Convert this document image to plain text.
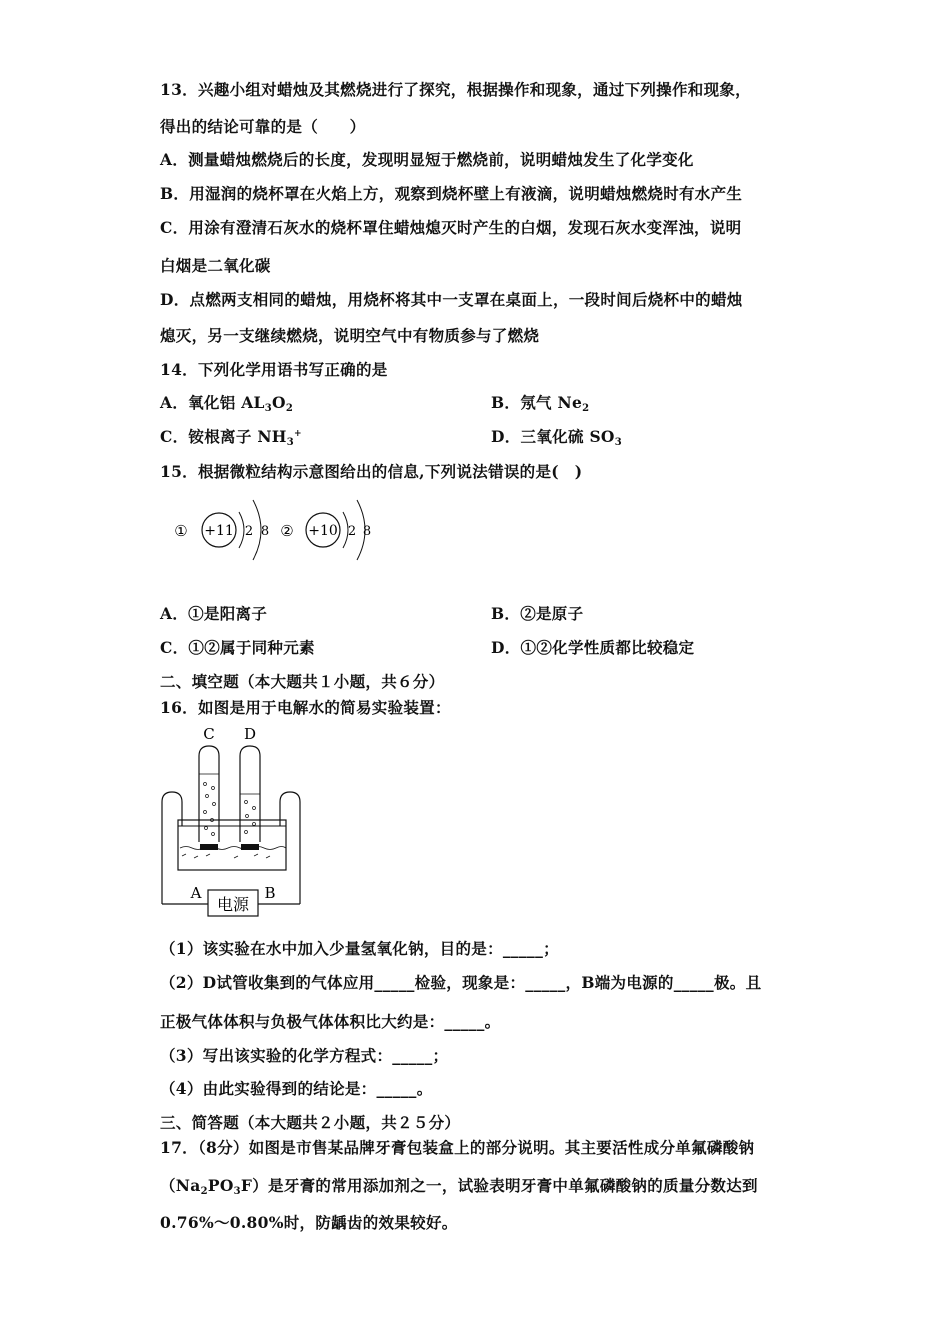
13．兴趣小组对蜡烛及其燃烧进行了探究，根据操作和现象，通过下列操作和现象，
得出的结论可靠的是（　　）
A．测量蜡烛燃烧后的长度，发现明显短于燃烧前，说明蜡烛发生了化学变化
B．用湿润的烧杯罩在火焰上方，观察到烧杯壁上有液滴，说明蜡烛燃烧时有水产生
C．用涂有澄清石灰水的烧杯罩住蜡烛熄灭时产生的白烟，发现石灰水变浑浊，说明
白烟是二氧化碳
D．点燃两支相同的蜡烛，用烧杯将其中一支罩在桌面上，一段时间后烧杯中的蜡烛
熄灭，另一支继续燃烧，说明空气中有物质参与了燃烧
14．下列化学用语书写正确的是
A．氧化铝 AL3O2	B．氖气 Ne2
C．铵根离子 NH3+	D．三氧化硫 SO3
15．根据微粒结构示意图给出的信息,下列说法错误的是(　)
① +11 2 8 ② +10 2 8
A．①是阳离子	B．②是原子
C．①②属于同种元素	D．①②化学性质都比较稳定
二、填空题（本大题共１小题，共６分）
16．如图是用于电解水的简易实验装置：
C D
A	B
电源
（1）该实验在水中加入少量氢氧化钠，目的是：_____；
（2）D试管收集到的气体应用_____检验，现象是：_____，B端为电源的_____极。且
正极气体体积与负极气体体积比大约是：_____。
（3）写出该实验的化学方程式：_____；
（4）由此实验得到的结论是：_____。
三、简答题（本大题共２小题，共２５分）
17．（8分）如图是市售某品牌牙膏包装盒上的部分说明。其主要活性成分单氟磷酸钠
（Na2PO3F）是牙膏的常用添加剂之一，试验表明牙膏中单氟磷酸钠的质量分数达到
0.76%～0.80%时，防龋齿的效果较好。
